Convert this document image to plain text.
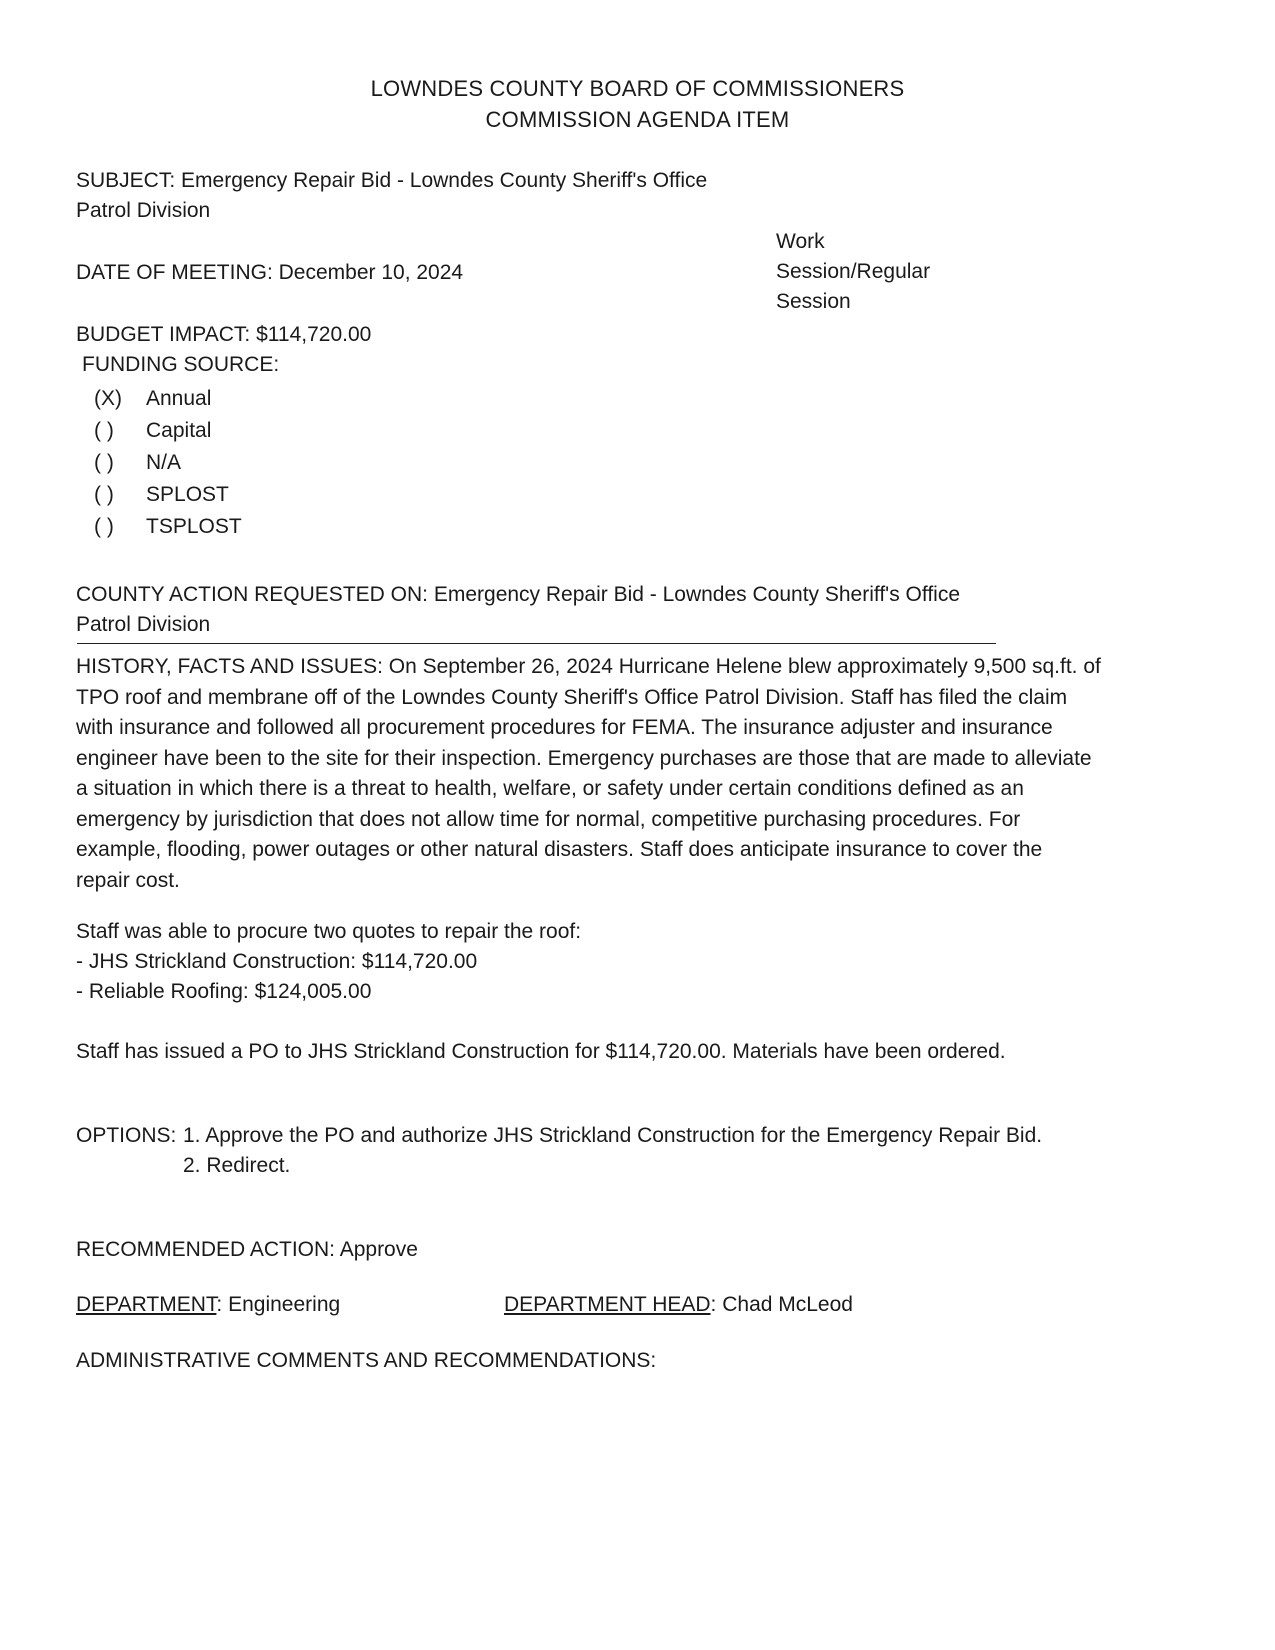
LOWNDES COUNTY BOARD OF COMMISSIONERS
COMMISSION AGENDA ITEM
SUBJECT: Emergency Repair Bid - Lowndes County Sheriff's Office
Patrol Division
DATE OF MEETING: December 10, 2024
Work
Session/Regular
Session
BUDGET IMPACT: $114,720.00
FUNDING SOURCE:
(X) Annual
( ) Capital
( ) N/A
( ) SPLOST
( ) TSPLOST
COUNTY ACTION REQUESTED ON: Emergency Repair Bid - Lowndes County Sheriff's Office
Patrol Division
HISTORY, FACTS AND ISSUES: On September 26, 2024 Hurricane Helene blew approximately 9,500 sq.ft. of
TPO roof and membrane off of the Lowndes County Sheriff's Office Patrol Division. Staff has filed the claim
with insurance and followed all procurement procedures for FEMA. The insurance adjuster and insurance
engineer have been to the site for their inspection. Emergency purchases are those that are made to alleviate
a situation in which there is a threat to health, welfare, or safety under certain conditions defined as an
emergency by jurisdiction that does not allow time for normal, competitive purchasing procedures. For
example, flooding, power outages or other natural disasters. Staff does anticipate insurance to cover the
repair cost.
Staff was able to procure two quotes to repair the roof:
- JHS Strickland Construction: $114,720.00
- Reliable Roofing: $124,005.00
Staff has issued a PO to JHS Strickland Construction for $114,720.00. Materials have been ordered.
OPTIONS: 1. Approve the PO and authorize JHS Strickland Construction for the Emergency Repair Bid.
2. Redirect.
RECOMMENDED ACTION: Approve
DEPARTMENT: Engineering	DEPARTMENT HEAD: Chad McLeod
ADMINISTRATIVE COMMENTS AND RECOMMENDATIONS:
